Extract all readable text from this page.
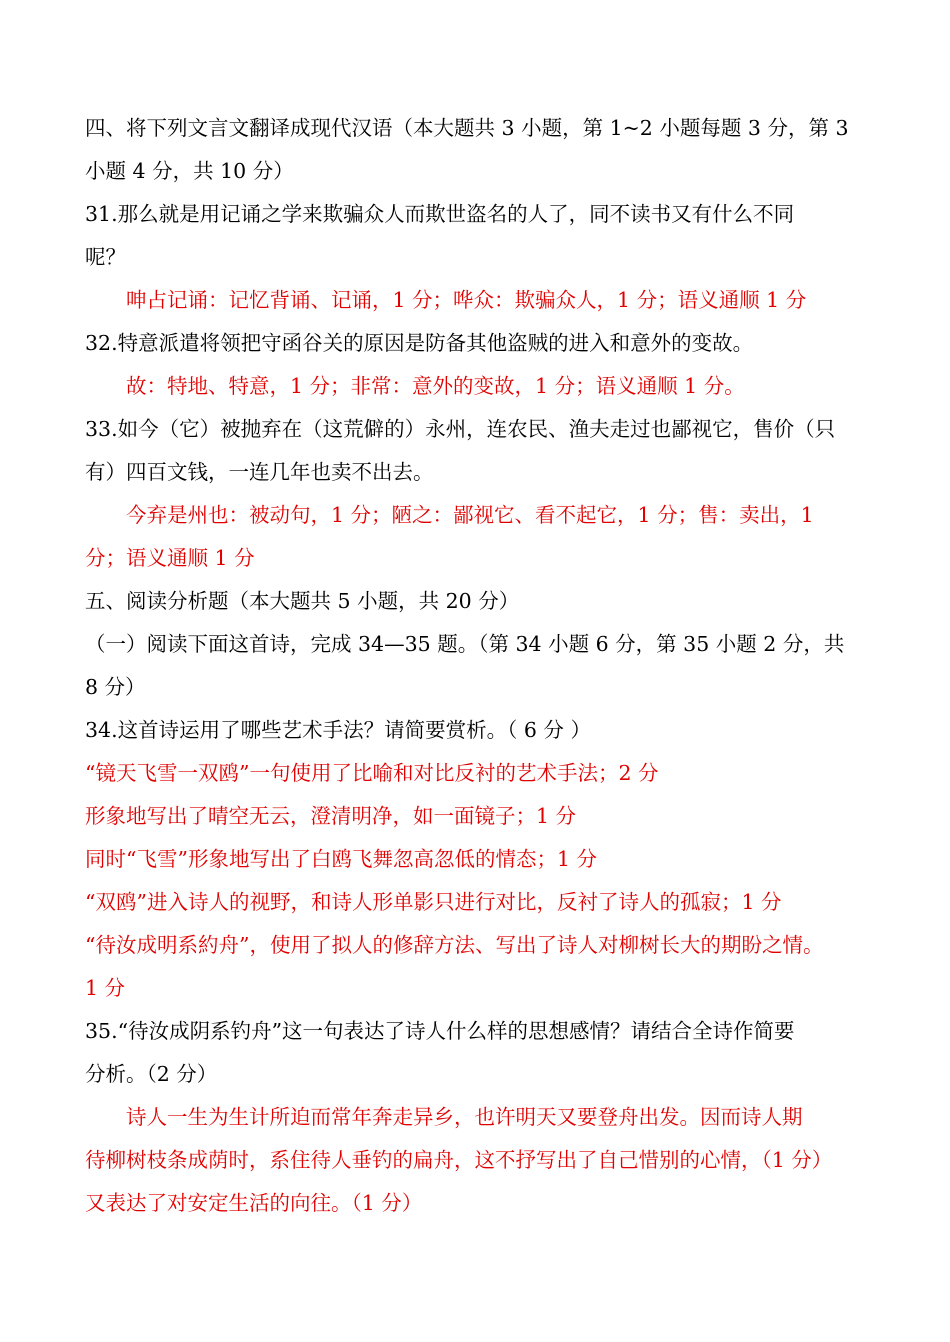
四、将下列文言文翻译成现代汉语（本大题共 3 小题，第 1~2 小题每题 3 分，第 3
小题 4 分，共 10 分）
31.那么就是用记诵之学来欺骗众人而欺世盗名的人了，同不读书又有什么不同
呢？
呻占记诵：记忆背诵、记诵，1 分；哗众：欺骗众人，1 分；语义通顺 1 分
32.特意派遣将领把守函谷关的原因是防备其他盗贼的进入和意外的变故。
故：特地、特意，1 分；非常：意外的变故，1 分；语义通顺 1 分。
33.如今（它）被抛弃在（这荒僻的）永州，连农民、渔夫走过也鄙视它，售价（只
有）四百文钱，一连几年也卖不出去。
今弃是州也：被动句，1 分；陋之：鄙视它、看不起它，1 分；售：卖出，1
分；语义通顺 1 分
五、阅读分析题（本大题共 5 小题，共 20 分）
（一）阅读下面这首诗，完成 34—35 题。（第 34 小题 6 分，第 35 小题 2 分，共
8 分）
34.这首诗运用了哪些艺术手法？请简要赏析。（ 6 分 ）
“镜天飞雪一双鸥”一句使用了比喻和对比反衬的艺术手法；2 分
形象地写出了晴空无云，澄清明净，如一面镜子；1 分
同时“飞雪”形象地写出了白鸥飞舞忽高忽低的情态；1 分
“双鸥”进入诗人的视野，和诗人形单影只进行对比，反衬了诗人的孤寂；1 分
“待汝成明系約舟”，使用了拟人的修辞方法、写出了诗人对柳树长大的期盼之情。
1 分
35.“待汝成阴系钓舟”这一句表达了诗人什么样的思想感情？请结合全诗作简要
分析。（2 分）
诗人一生为生计所迫而常年奔走异乡，也许明天又要登舟出发。因而诗人期
待柳树枝条成荫时，系住待人垂钓的扁舟，这不抒写出了自己惜别的心情，（1 分）
又表达了对安定生活的向往。（1 分）
